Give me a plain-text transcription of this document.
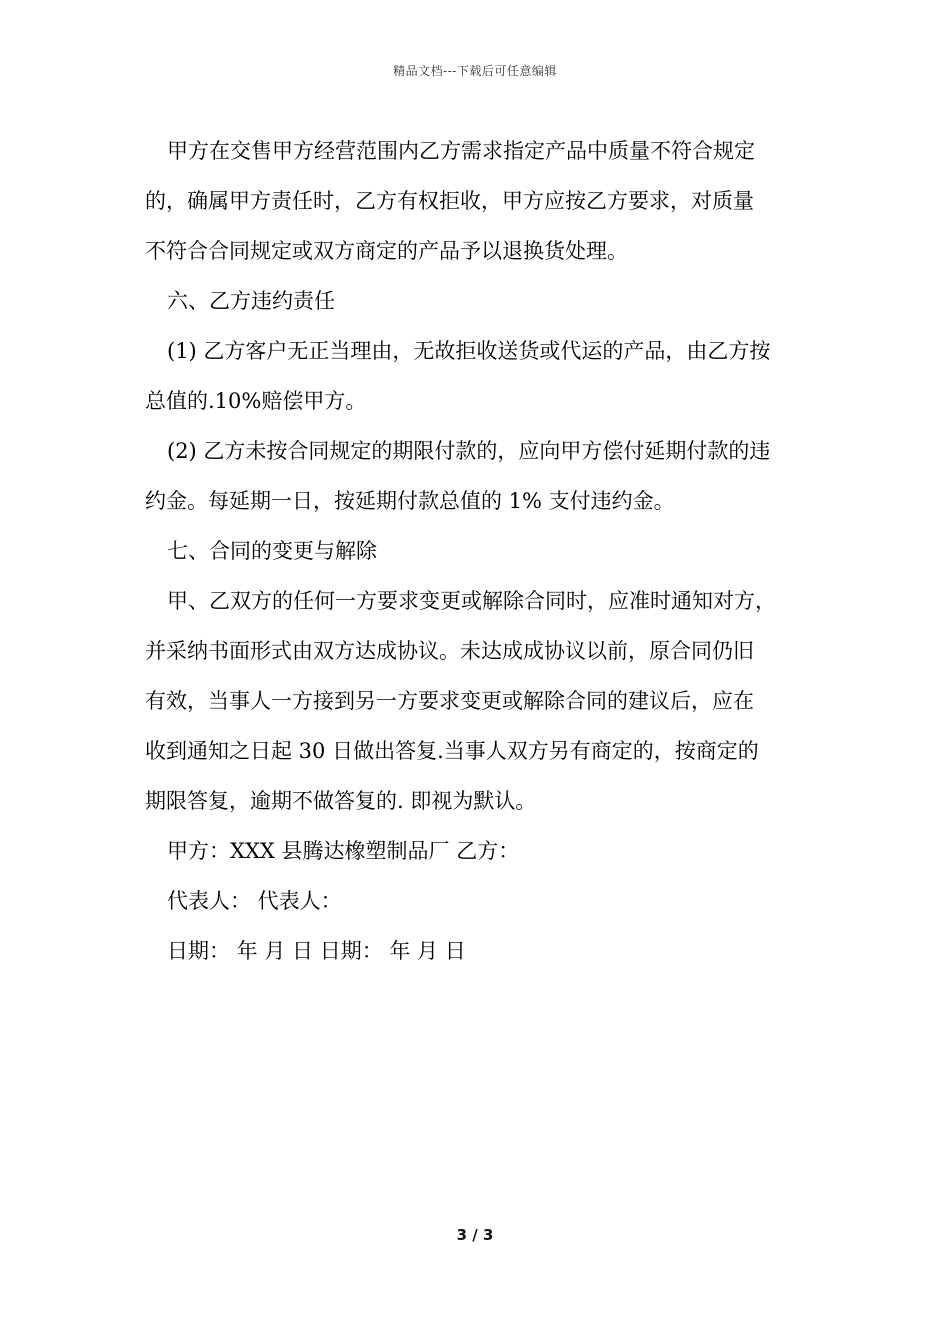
精品文档---下载后可任意编辑
甲方在交售甲方经营范围内乙方需求指定产品中质量不符合规定
的，确属甲方责任时，乙方有权拒收，甲方应按乙方要求，对质量
不符合合同规定或双方商定的产品予以退换货处理。
六、乙方违约责任
(1) 乙方客户无正当理由，无故拒收送货或代运的产品，由乙方按
总值的.10%赔偿甲方。
(2) 乙方未按合同规定的期限付款的，应向甲方偿付延期付款的违
约金。每延期一日，按延期付款总值的 1% 支付违约金。
七、合同的变更与解除
甲、乙双方的任何一方要求变更或解除合同时，应准时通知对方，
并采纳书面形式由双方达成协议。未达成成协议以前，原合同仍旧
有效，当事人一方接到另一方要求变更或解除合同的建议后，应在
收到通知之日起 30 日做出答复.当事人双方另有商定的，按商定的
期限答复，逾期不做答复的. 即视为默认。
甲方：XXX 县腾达橡塑制品厂 乙方：
代表人： 代表人：
日期： 年 月 日 日期： 年 月 日
3 / 3
